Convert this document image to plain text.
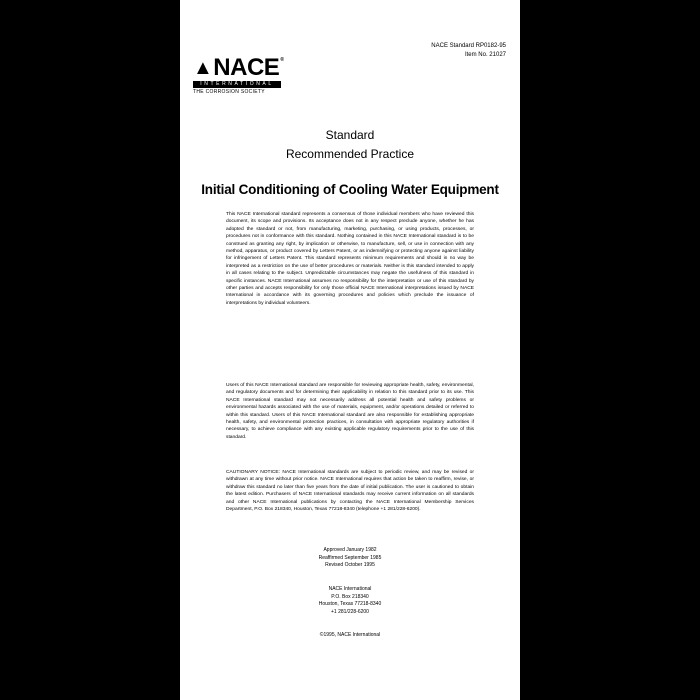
▲NACE®
INTERNATIONAL
THE CORROSION SOCIETY
NACE Standard RP0182-95
Item No. 21027
Standard
Recommended Practice
Initial Conditioning of Cooling Water Equipment

This NACE International standard represents a consensus of those individual members who have reviewed this document, its scope and provisions. Its acceptance does not in any respect preclude anyone, whether he has adopted the standard or not, from manufacturing, marketing, purchasing, or using products, processes, or procedures not in conformance with this standard. Nothing contained in this NACE International standard is to be construed as granting any right, by implication or otherwise, to manufacture, sell, or use in connection with any method, apparatus, or product covered by Letters Patent, or as indemnifying or protecting anyone against liability for infringement of Letters Patent. This standard represents minimum requirements and should in no way be interpreted as a restriction on the use of better procedures or materials. Neither is this standard intended to apply in all cases relating to the subject. Unpredictable circumstances may negate the usefulness of this standard in specific instances. NACE International assumes no responsibility for the interpretation or use of this standard by other parties and accepts responsibility for only those official NACE International interpretations issued by NACE International in accordance with its governing procedures and policies which preclude the issuance of interpretations by individual volunteers.

Users of this NACE International standard are responsible for reviewing appropriate health, safety, environmental, and regulatory documents and for determining their applicability in relation to this standard prior to its use. This NACE International standard may not necessarily address all potential health and safety problems or environmental hazards associated with the use of materials, equipment, and/or operations detailed or referred to within this standard. Users of this NACE International standard are also responsible for establishing appropriate health, safety, and environmental protection practices, in consultation with appropriate regulatory authorities if necessary, to achieve compliance with any existing applicable regulatory requirements prior to the use of this standard.

CAUTIONARY NOTICE: NACE International standards are subject to periodic review, and may be revised or withdrawn at any time without prior notice. NACE International requires that action be taken to reaffirm, revise, or withdraw this standard no later than five years from the date of initial publication. The user is cautioned to obtain the latest edition. Purchasers of NACE International standards may receive current information on all standards and other NACE International publications by contacting the NACE International Membership Services Department, P.O. Box 218340, Houston, Texas 77218-8340 (telephone +1 281/228-6200).

Approved January 1982
Reaffirmed September 1985
Revised October 1995
NACE International
P.O. Box 218340
Houston, Texas 77218-8340
+1 281/228-6200
©1995, NACE International
